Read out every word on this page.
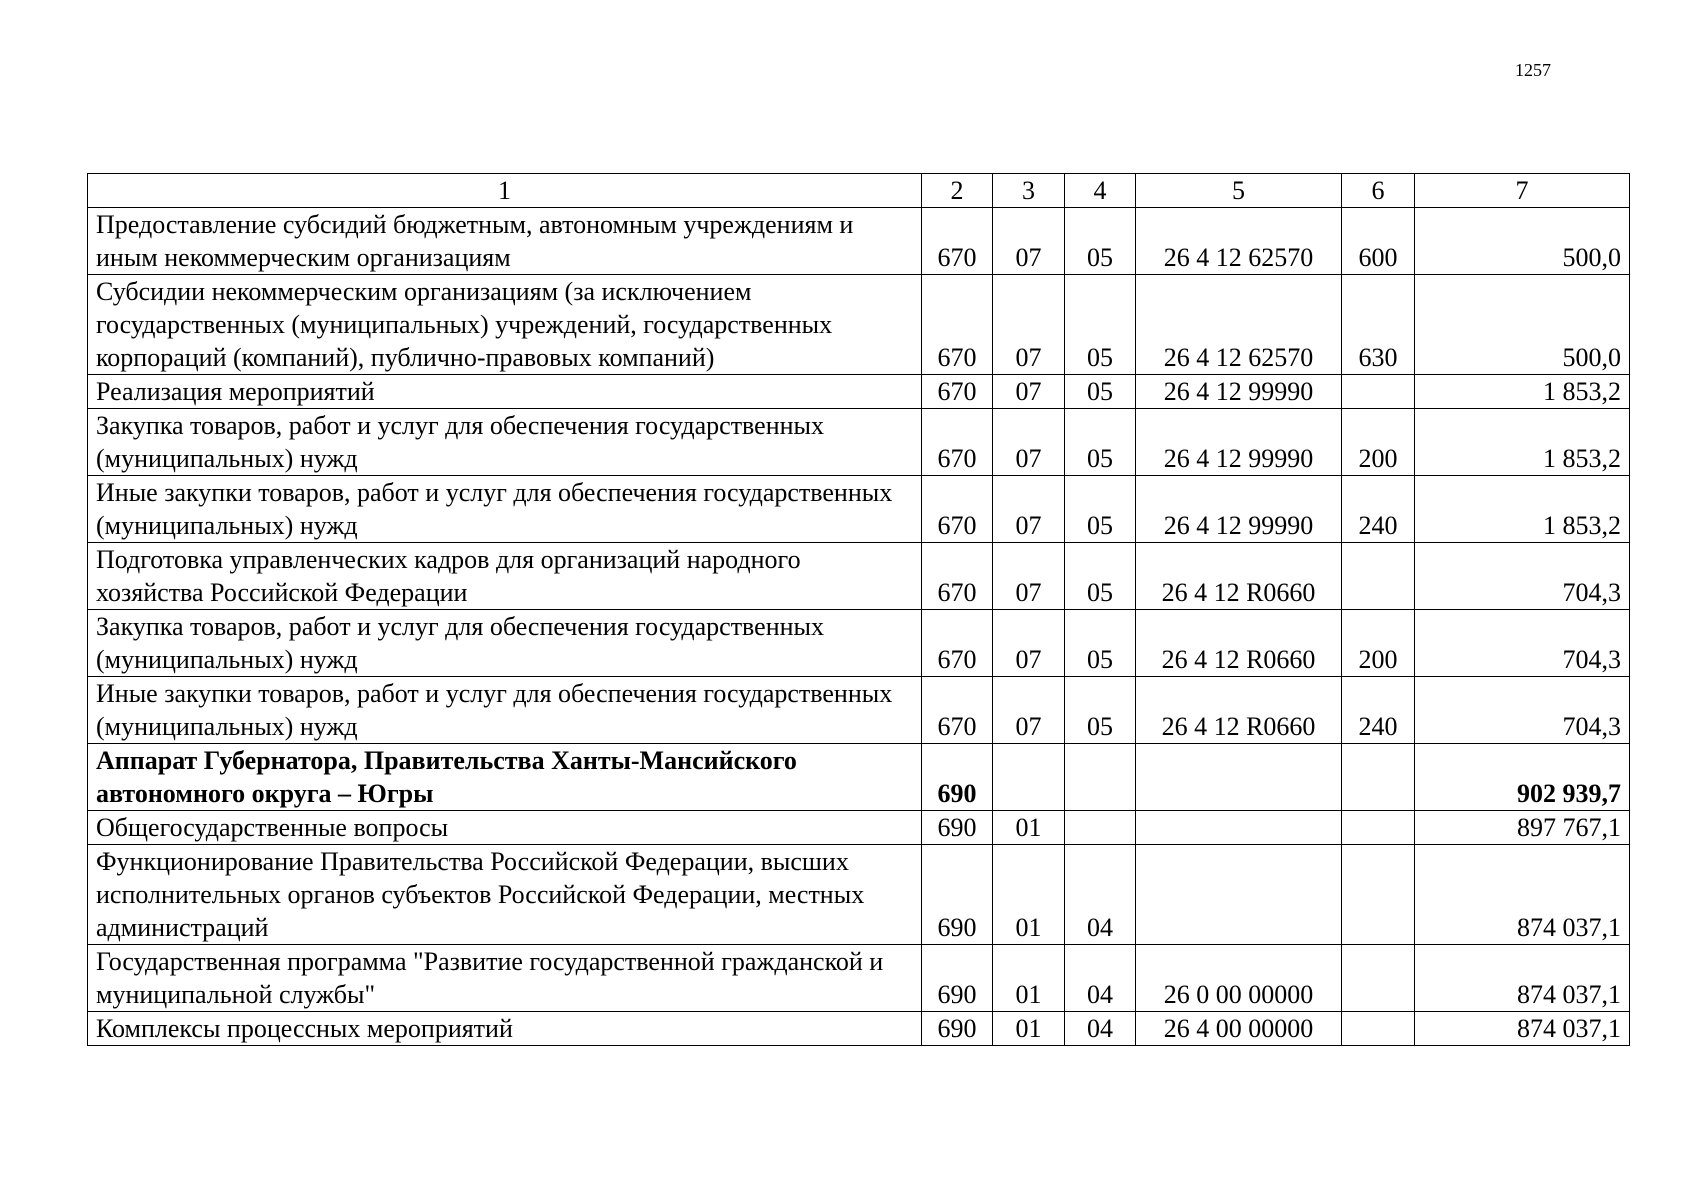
1257
1	2	3	4	5	6	7
Предоставление субсидий бюджетным, автономным учреждениям и иным некоммерческим организациям	670	07	05	26 4 12 62570	600	500,0
Субсидии некоммерческим организациям (за исключением государственных (муниципальных) учреждений, государственных корпораций (компаний), публично-правовых компаний)	670	07	05	26 4 12 62570	630	500,0
Реализация мероприятий	670	07	05	26 4 12 99990		1 853,2
Закупка товаров, работ и услуг для обеспечения государственных (муниципальных) нужд	670	07	05	26 4 12 99990	200	1 853,2
Иные закупки товаров, работ и услуг для обеспечения государственных (муниципальных) нужд	670	07	05	26 4 12 99990	240	1 853,2
Подготовка управленческих кадров для организаций народного хозяйства Российской Федерации	670	07	05	26 4 12 R0660		704,3
Закупка товаров, работ и услуг для обеспечения государственных (муниципальных) нужд	670	07	05	26 4 12 R0660	200	704,3
Иные закупки товаров, работ и услуг для обеспечения государственных (муниципальных) нужд	670	07	05	26 4 12 R0660	240	704,3
Аппарат Губернатора, Правительства Ханты-Мансийского автономного округа – Югры	690					902 939,7
Общегосударственные вопросы	690	01				897 767,1
Функционирование Правительства Российской Федерации, высших исполнительных органов субъектов Российской Федерации, местных администраций	690	01	04			874 037,1
Государственная программа "Развитие государственной гражданской и муниципальной службы"	690	01	04	26 0 00 00000		874 037,1
Комплексы процессных мероприятий	690	01	04	26 4 00 00000		874 037,1
